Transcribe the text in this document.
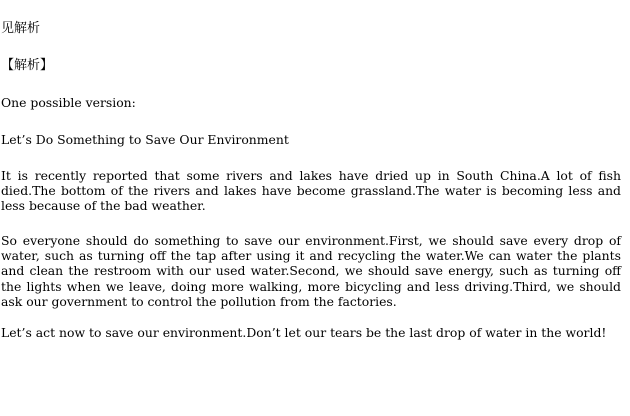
见解析
【解析】
One possible version:
Let’s Do Something to Save Our Environment
It is recently reported that some rivers and lakes have dried up in South China.A lot of fish died.The bottom of the rivers and lakes have become grassland.The water is becoming less and less because of the bad weather.
So everyone should do something to save our environment.First, we should save every drop of water, such as turning off the tap after using it and recycling the water.We can water the plants and clean the restroom with our used water.Second, we should save energy, such as turning off the lights when we leave, doing more walking, more bicycling and less driving.Third, we should ask our government to control the pollution from the factories.
Let’s act now to save our environment.Don’t let our tears be the last drop of water in the world!
